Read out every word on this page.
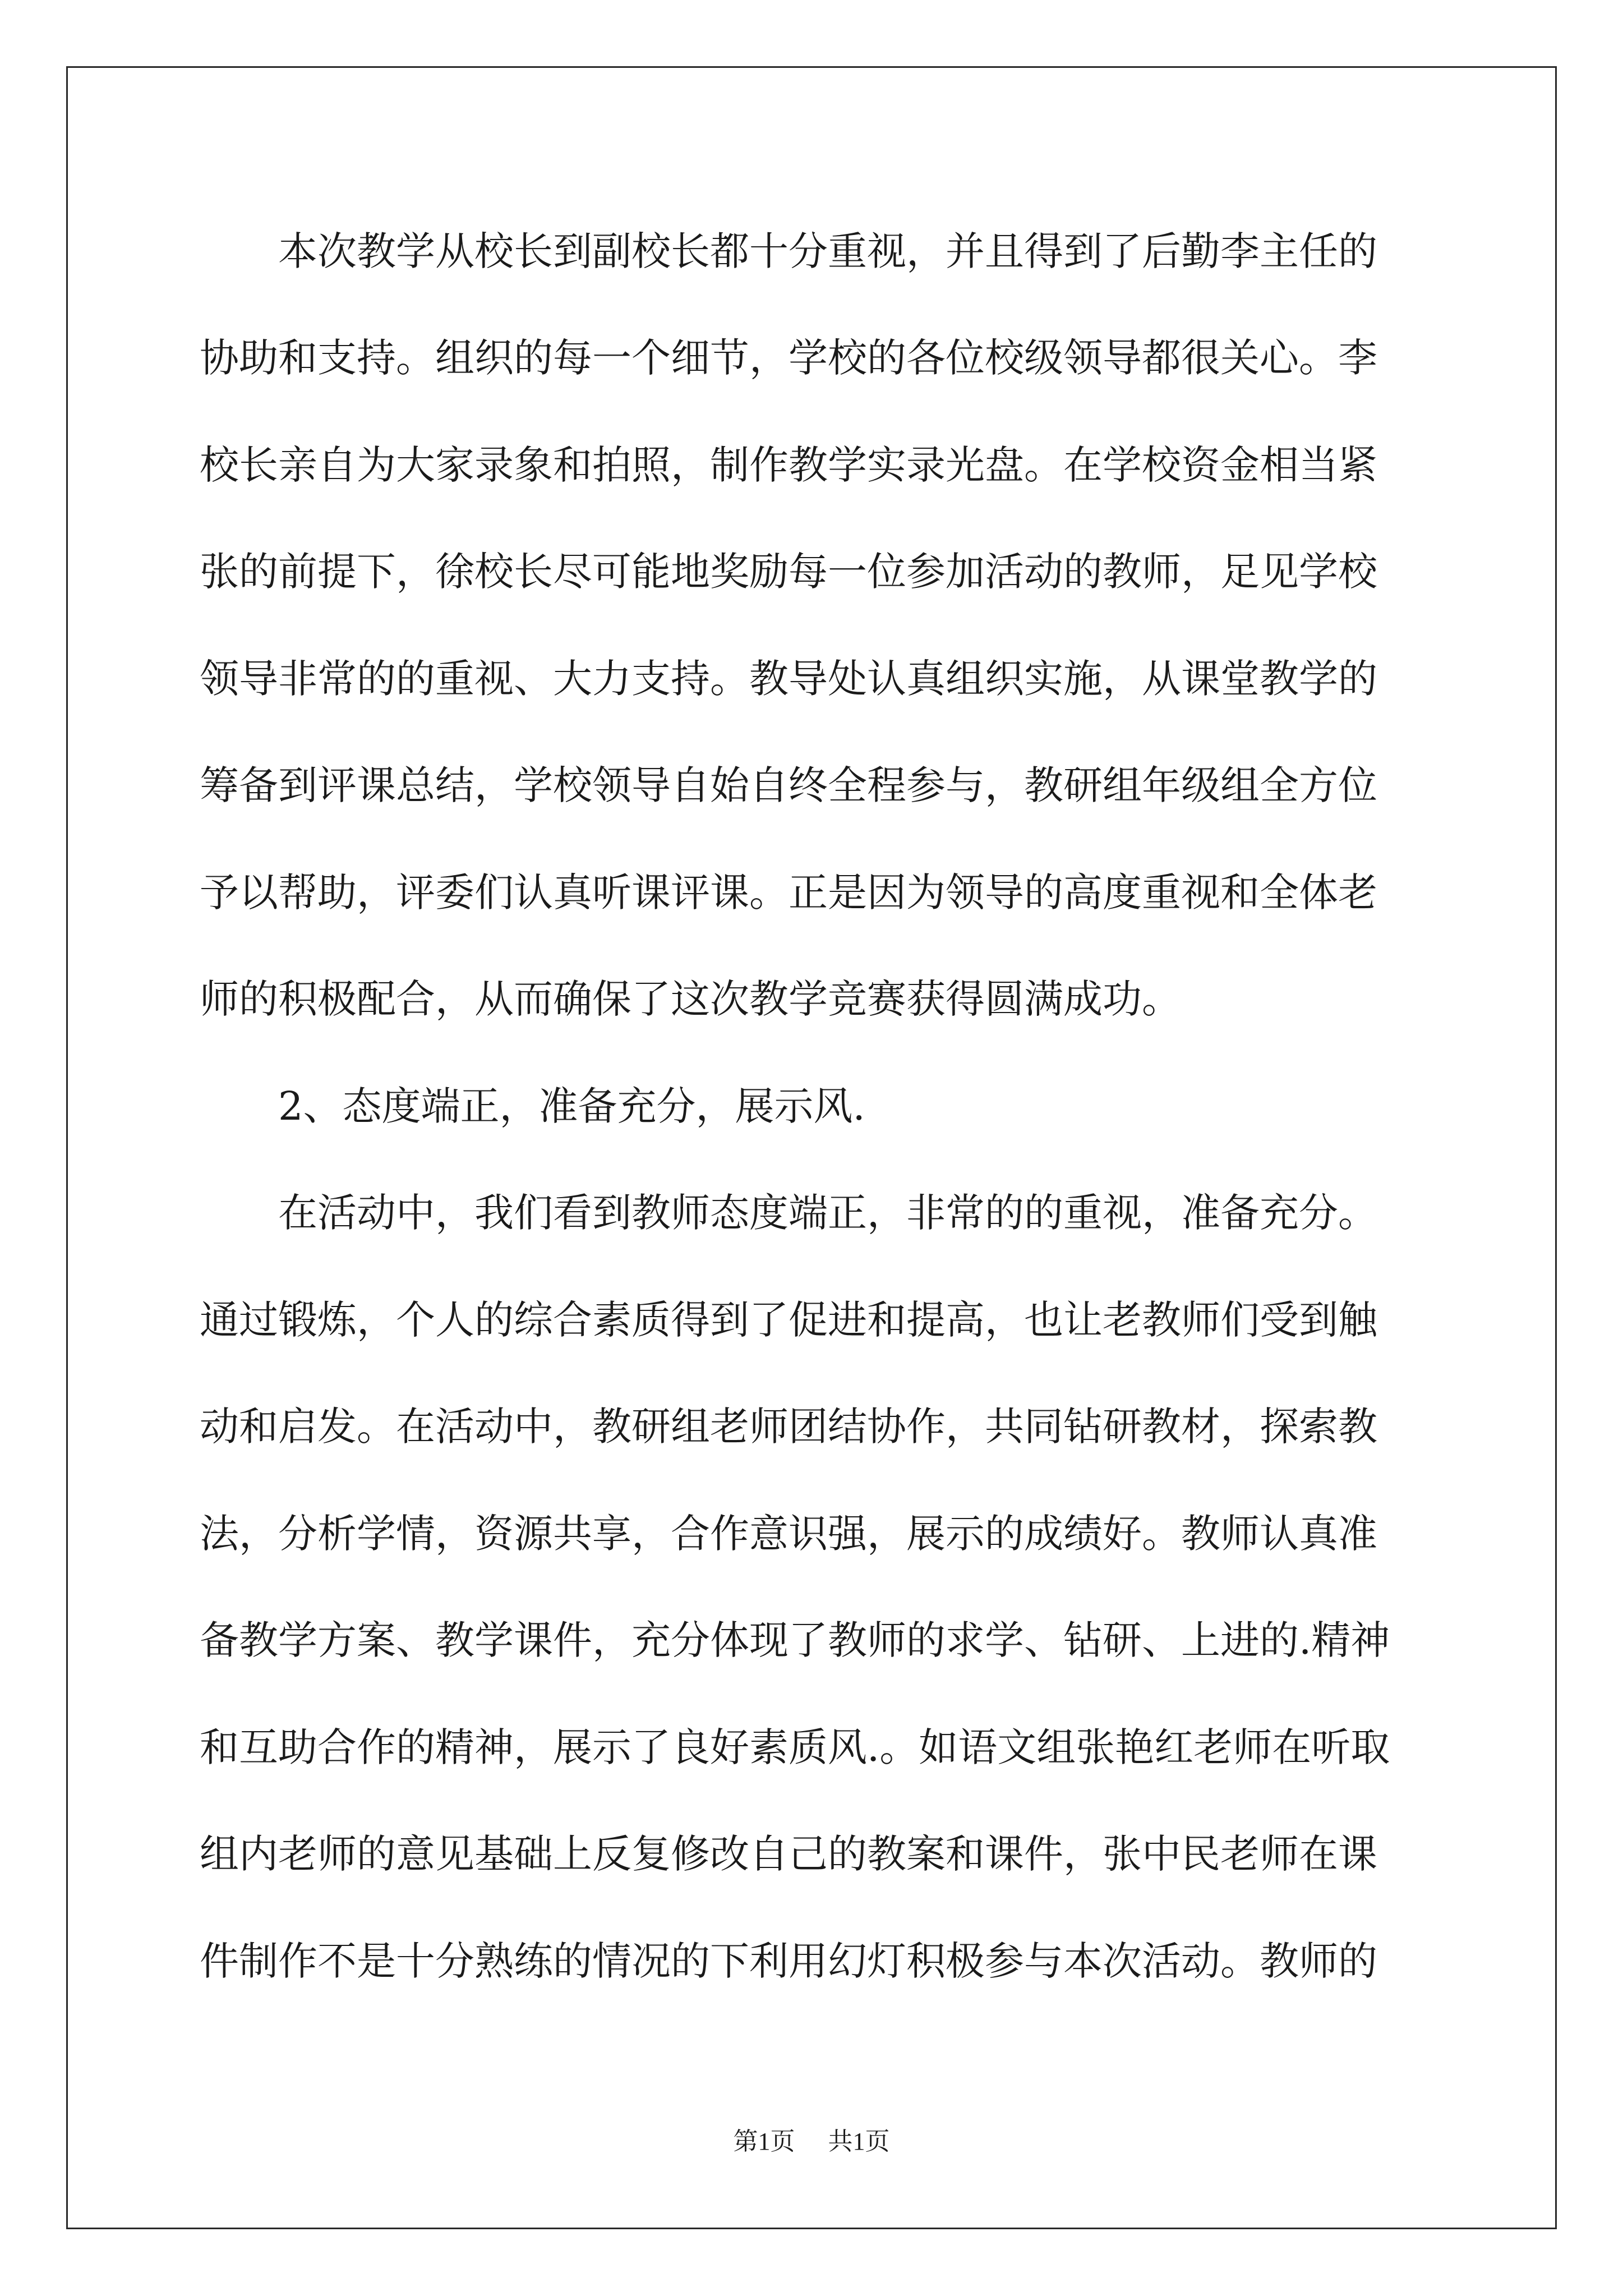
　　本次教学从校长到副校长都十分重视，并且得到了后勤李主任的
协助和支持。组织的每一个细节，学校的各位校级领导都很关心。李
校长亲自为大家录象和拍照，制作教学实录光盘。在学校资金相当紧
张的前提下，徐校长尽可能地奖励每一位参加活动的教师，足见学校
领导非常的的重视、大力支持。教导处认真组织实施，从课堂教学的
筹备到评课总结，学校领导自始自终全程参与，教研组年级组全方位
予以帮助，评委们认真听课评课。正是因为领导的高度重视和全体老
师的积极配合，从而确保了这次教学竞赛获得圆满成功。
　　2、态度端正，准备充分，展示风.
　　在活动中，我们看到教师态度端正，非常的的重视，准备充分。
通过锻炼，个人的综合素质得到了促进和提高，也让老教师们受到触
动和启发。在活动中，教研组老师团结协作，共同钻研教材，探索教
法，分析学情，资源共享，合作意识强，展示的成绩好。教师认真准
备教学方案、教学课件，充分体现了教师的求学、钻研、上进的.精神
和互助合作的精神，展示了良好素质风.。如语文组张艳红老师在听取
组内老师的意见基础上反复修改自己的教案和课件，张中民老师在课
件制作不是十分熟练的情况的下利用幻灯积极参与本次活动。教师的
第1页 共1页
